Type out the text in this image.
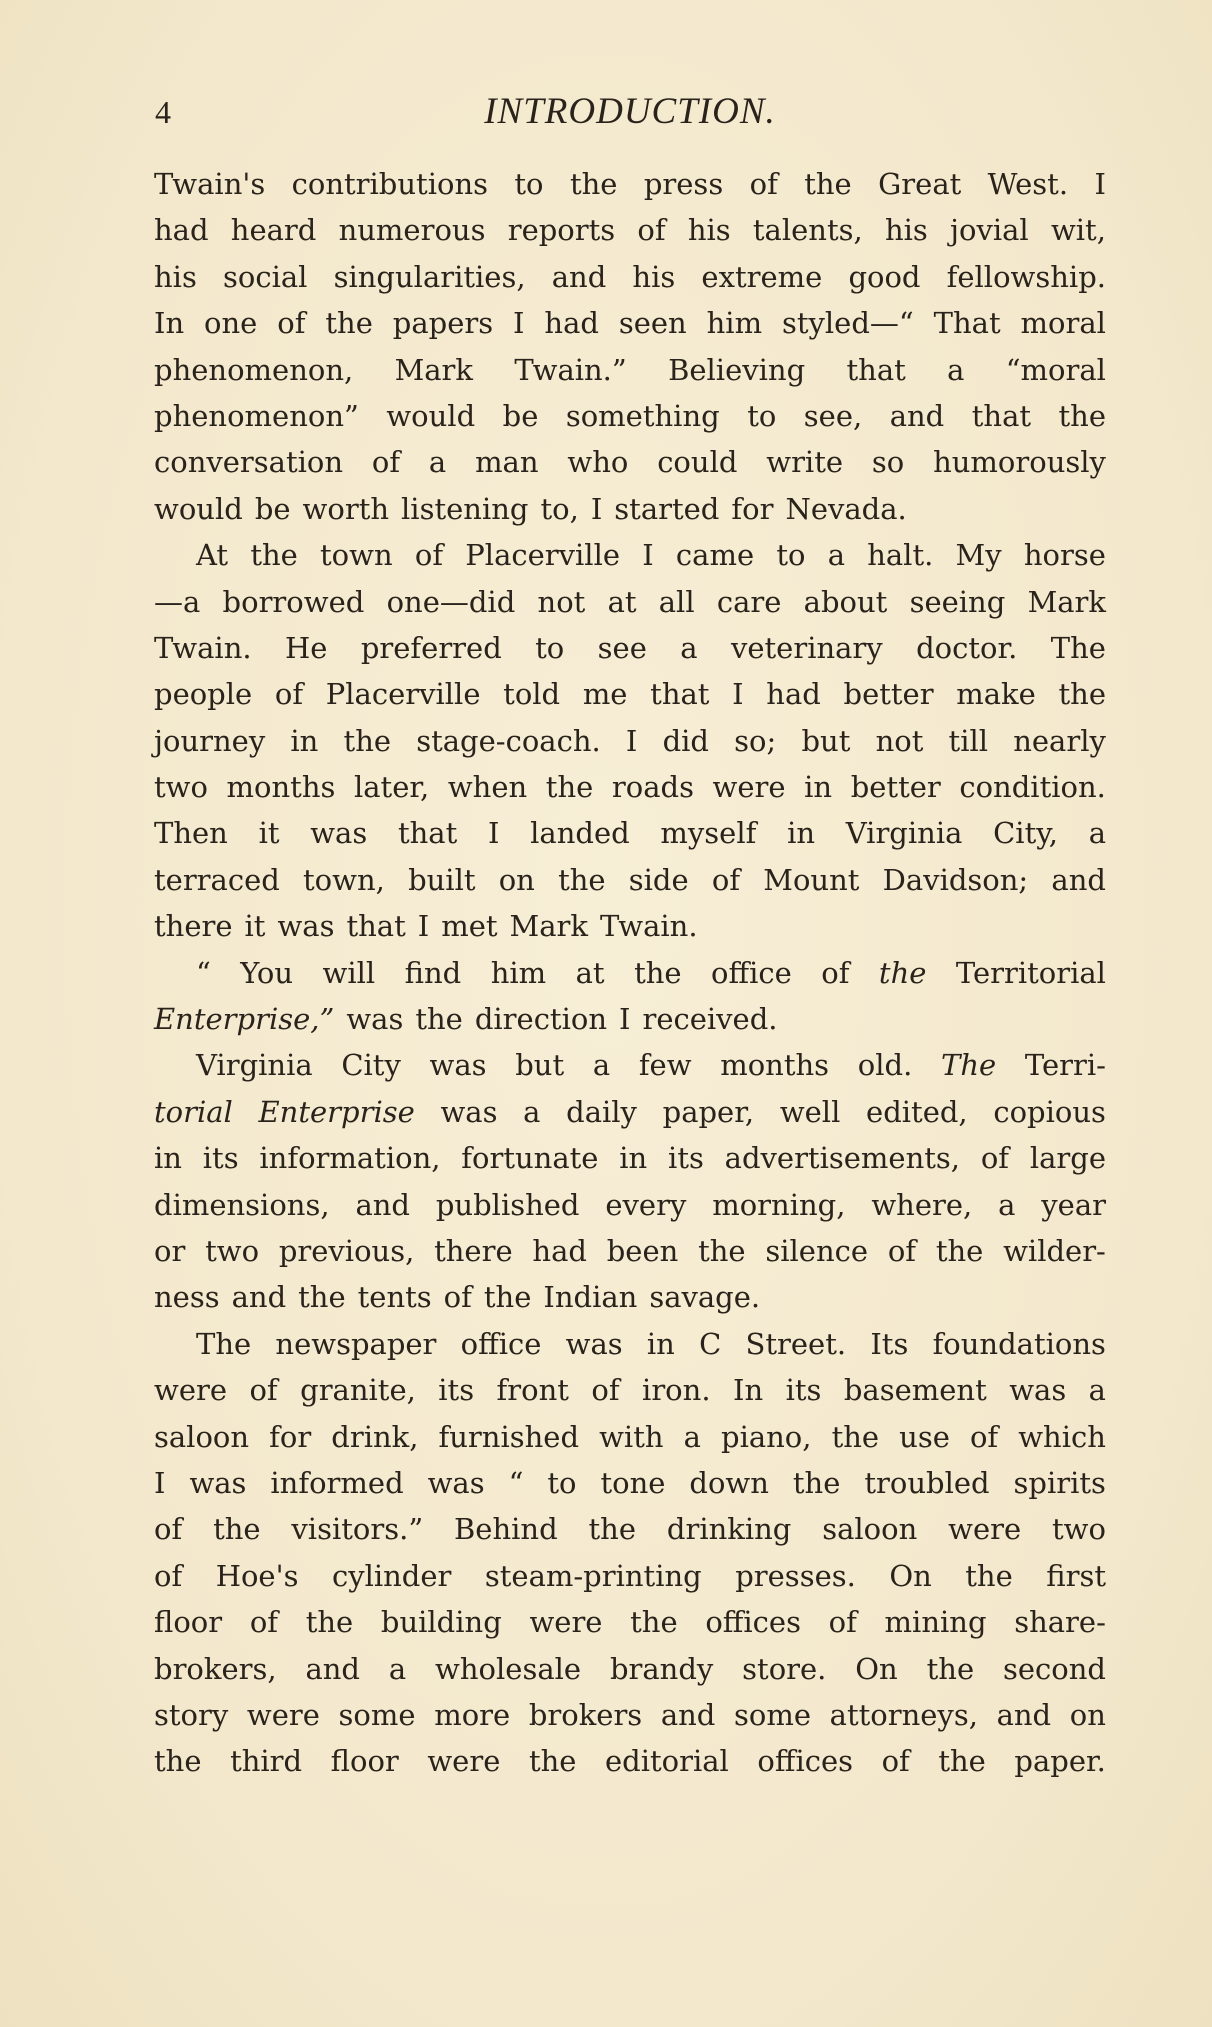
4	INTRODUCTION.
Twain's contributions to the press of the Great West. I
had heard numerous reports of his talents, his jovial wit,
his social singularities, and his extreme good fellowship.
In one of the papers I had seen him styled—“ That moral
phenomenon, Mark Twain.” Believing that a “moral
phenomenon” would be something to see, and that the
conversation of a man who could write so humorously
would be worth listening to, I started for Nevada.
At the town of Placerville I came to a halt. My horse
—a borrowed one—did not at all care about seeing Mark
Twain. He preferred to see a veterinary doctor. The
people of Placerville told me that I had better make the
journey in the stage-coach. I did so; but not till nearly
two months later, when the roads were in better condition.
Then it was that I landed myself in Virginia City, a
terraced town, built on the side of Mount Davidson; and
there it was that I met Mark Twain.
“ You will find him at the office of the Territorial
Enterprise,” was the direction I received.
Virginia City was but a few months old. The Terri-
torial Enterprise was a daily paper, well edited, copious
in its information, fortunate in its advertisements, of large
dimensions, and published every morning, where, a year
or two previous, there had been the silence of the wilder-
ness and the tents of the Indian savage.
The newspaper office was in C Street. Its foundations
were of granite, its front of iron. In its basement was a
saloon for drink, furnished with a piano, the use of which
I was informed was “ to tone down the troubled spirits
of the visitors.” Behind the drinking saloon were two
of Hoe's cylinder steam-printing presses. On the first
floor of the building were the offices of mining share-
brokers, and a wholesale brandy store. On the second
story were some more brokers and some attorneys, and on
the third floor were the editorial offices of the paper.
